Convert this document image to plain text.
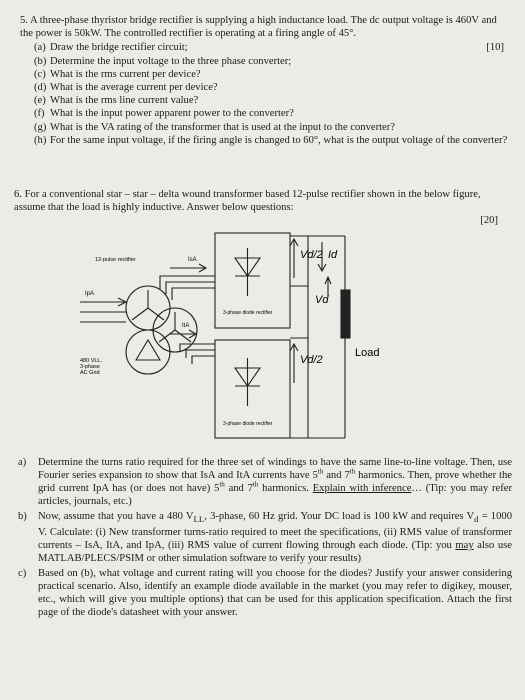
5. A three-phase thyristor bridge rectifier is supplying a high inductance load. The dc output voltage is 460V and the power is 50kW. The controlled rectifier is operating at a firing angle of 45°.

[10]
(a) Draw the bridge rectifier circuit;
(b) Determine the input voltage to the three phase converter;
(c) What is the rms current per device?
(d) What is the average current per device?
(e) What is the rms line current value?
(f) What is the input power apparent power to the converter?
(g) What is the VA rating of the transformer that is used at the input to the converter?
(h) For the same input voltage, if the firing angle is changed to 60°, what is the output voltage of the converter?

6. For a conventional star – star – delta wound transformer based 12-pulse rectifier shown in the below figure, assume that the load is highly inductive. Answer below questions:

[20]
12-pulse rectifier	IsA
IpA
ItA
480 VLL,
3-phase
AC Grid
3-phase diode rectifier
3-phase diode rectifier
Vd/2
Vd/2
Vd
Id
Load
a) Determine the turns ratio required for the three set of windings to have the same line-to-line voltage. Then, use Fourier series expansion to show that IsA and ItA currents have 5th and 7th harmonics. Then, prove whether the grid current IpA has (or does not have) 5th and 7th harmonics. Explain with inference… (Tip: you may refer articles, journals, etc.)
b) Now, assume that you have a 480 $V_{LL}$, 3-phase, 60 Hz grid. Your DC load is 100 kW and requires $V_d = 1000$ V. Calculate: (i) New transformer turns-ratio required to meet the specifications, (ii) RMS value of transformer currents – IsA, ItA, and IpA, (iii) RMS value of current flowing through each diode. (Tip: you may also use MATLAB/PLECS/PSIM or other simulation software to verify your results)
c) Based on (b), what voltage and current rating will you choose for the diodes? Justify your answer considering practical scenario. Also, identify an example diode available in the market (you may refer to digikey, mouser, etc., which will give you multiple options) that can be used for this application specification. Attach the first page of the diode's datasheet with your answer.
